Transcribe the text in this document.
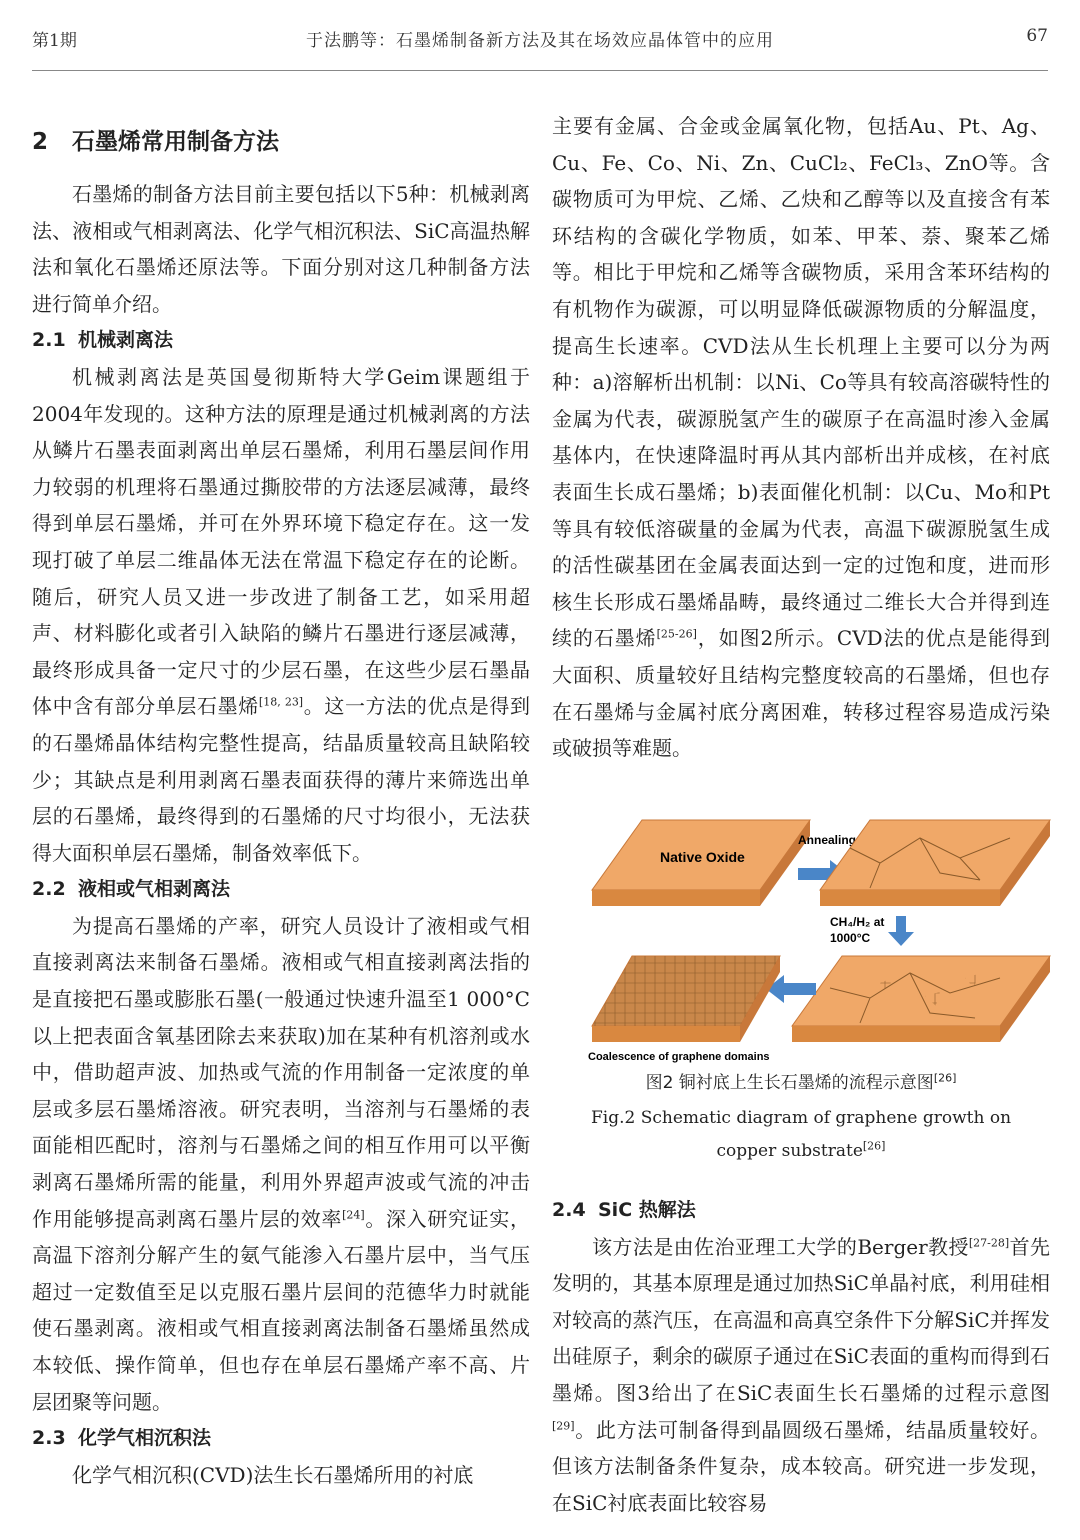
第1期	于法鹏等：石墨烯制备新方法及其在场效应晶体管中的应用	67
2 石墨烯常用制备方法

石墨烯的制备方法目前主要包括以下5种：机械剥离法、液相或气相剥离法、化学气相沉积法、SiC高温热解法和氧化石墨烯还原法等。下面分别对这几种制备方法进行简单介绍。

2.1 机械剥离法

机械剥离法是英国曼彻斯特大学Geim课题组于2004年发现的。这种方法的原理是通过机械剥离的方法从鳞片石墨表面剥离出单层石墨烯，利用石墨层间作用力较弱的机理将石墨通过撕胶带的方法逐层减薄，最终得到单层石墨烯，并可在外界环境下稳定存在。这一发现打破了单层二维晶体无法在常温下稳定存在的论断。随后，研究人员又进一步改进了制备工艺，如采用超声、材料膨化或者引入缺陷的鳞片石墨进行逐层减薄，最终形成具备一定尺寸的少层石墨，在这些少层石墨晶体中含有部分单层石墨烯[18, 23]。这一方法的优点是得到的石墨烯晶体结构完整性提高，结晶质量较高且缺陷较少；其缺点是利用剥离石墨表面获得的薄片来筛选出单层的石墨烯，最终得到的石墨烯的尺寸均很小，无法获得大面积单层石墨烯，制备效率低下。

2.2 液相或气相剥离法

为提高石墨烯的产率，研究人员设计了液相或气相直接剥离法来制备石墨烯。液相或气相直接剥离法指的是直接把石墨或膨胀石墨(一般通过快速升温至1 000°C以上把表面含氧基团除去来获取)加在某种有机溶剂或水中，借助超声波、加热或气流的作用制备一定浓度的单层或多层石墨烯溶液。研究表明，当溶剂与石墨烯的表面能相匹配时，溶剂与石墨烯之间的相互作用可以平衡剥离石墨烯所需的能量，利用外界超声波或气流的冲击作用能够提高剥离石墨片层的效率[24]。深入研究证实，高温下溶剂分解产生的氨气能渗入石墨片层中，当气压超过一定数值至足以克服石墨片层间的范德华力时就能使石墨剥离。液相或气相直接剥离法制备石墨烯虽然成本较低、操作简单，但也存在单层石墨烯产率不高、片层团聚等问题。

2.3 化学气相沉积法

化学气相沉积(CVD)法生长石墨烯所用的衬底

主要有金属、合金或金属氧化物，包括Au、Pt、Ag、Cu、Fe、Co、Ni、Zn、CuCl₂、FeCl₃、ZnO等。含碳物质可为甲烷、乙烯、乙炔和乙醇等以及直接含有苯环结构的含碳化学物质，如苯、甲苯、萘、聚苯乙烯等。相比于甲烷和乙烯等含碳物质，采用含苯环结构的有机物作为碳源，可以明显降低碳源物质的分解温度，提高生长速率。CVD法从生长机理上主要可以分为两种：a)溶解析出机制：以Ni、Co等具有较高溶碳特性的金属为代表，碳源脱氢产生的碳原子在高温时渗入金属基体内，在快速降温时再从其内部析出并成核，在衬底表面生长成石墨烯；b)表面催化机制：以Cu、Mo和Pt等具有较低溶碳量的金属为代表，高温下碳源脱氢生成的活性碳基团在金属表面达到一定的过饱和度，进而形核生长形成石墨烯晶畴，最终通过二维长大合并得到连续的石墨烯[25-26]，如图2所示。CVD法的优点是能得到大面积、质量较好且结构完整度较高的石墨烯，但也存在石墨烯与金属衬底分离困难，转移过程容易造成污染或破损等难题。

Native Oxide
Annealing
CH₄/H₂ at
1000°C
Coalescence of graphene domains
图2 铜衬底上生长石墨烯的流程示意图[26]
Fig.2 Schematic diagram of graphene growth on
copper substrate[26]
2.4 SiC 热解法

该方法是由佐治亚理工大学的Berger教授[27-28]首先发明的，其基本原理是通过加热SiC单晶衬底，利用硅相对较高的蒸汽压，在高温和高真空条件下分解SiC并挥发出硅原子，剩余的碳原子通过在SiC表面的重构而得到石墨烯。图3给出了在SiC表面生长石墨烯的过程示意图[29]。此方法可制备得到晶圆级石墨烯，结晶质量较好。但该方法制备条件复杂，成本较高。研究进一步发现，在SiC衬底表面比较容易
